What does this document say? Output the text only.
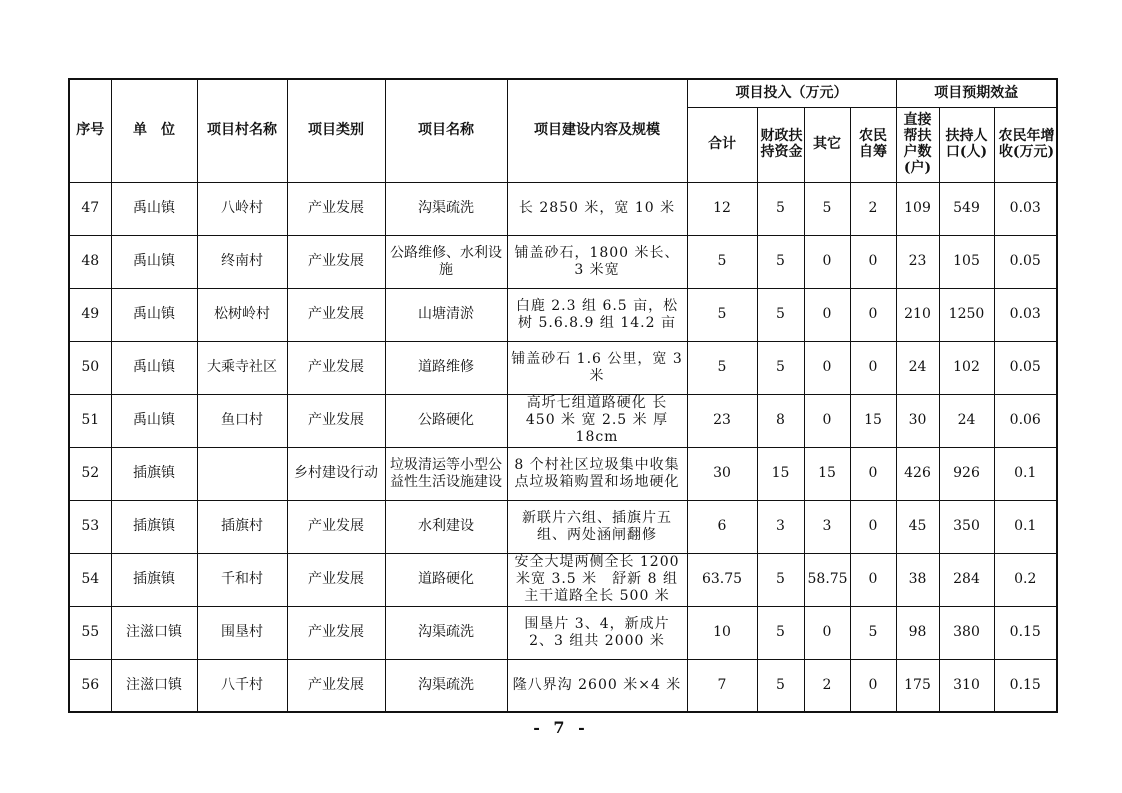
序号	单　位	项目村名称	项目类别	项目名称	项目建设内容及规模	项目投入（万元）				项目预期效益		
						合计	财政扶持资金	其它	农民自筹	直接帮扶户数(户)	扶持人口(人)	农民年增收(万元)
47	禹山镇	八岭村	产业发展	沟渠疏洗	长 2850 米，宽 10 米	12	5	5	2	109	549	0.03
48	禹山镇	终南村	产业发展	公路维修、水利设施	铺盖砂石，1800 米长、3 米宽	5	5	0	0	23	105	0.05
49	禹山镇	松树岭村	产业发展	山塘清淤	白鹿 2.3 组 6.5 亩，松树 5.6.8.9 组 14.2 亩	5	5	0	0	210	1250	0.03
50	禹山镇	大乘寺社区	产业发展	道路维修	铺盖砂石 1.6 公里，宽 3 米	5	5	0	0	24	102	0.05
51	禹山镇	鱼口村	产业发展	公路硬化	高圻七组道路硬化 长 450 米 宽 2.5 米 厚 18cm	23	8	0	15	30	24	0.06
52	插旗镇		乡村建设行动	垃圾清运等小型公益性生活设施建设	8 个村社区垃圾集中收集点垃圾箱购置和场地硬化	30	15	15	0	426	926	0.1
53	插旗镇	插旗村	产业发展	水利建设	新联片六组、插旗片五组、两处涵闸翻修	6	3	3	0	45	350	0.1
54	插旗镇	千和村	产业发展	道路硬化	安全大堤两侧全长 1200 米宽 3.5 米　舒新 8 组主干道路全长 500 米	63.75	5	58.75	0	38	284	0.2
55	注滋口镇	围垦村	产业发展	沟渠疏洗	围垦片 3、4，新成片 2、3 组共 2000 米	10	5	0	5	98	380	0.15
56	注滋口镇	八千村	产业发展	沟渠疏洗	隆八界沟 2600 米×4 米	7	5	2	0	175	310	0.15
- 7 -
